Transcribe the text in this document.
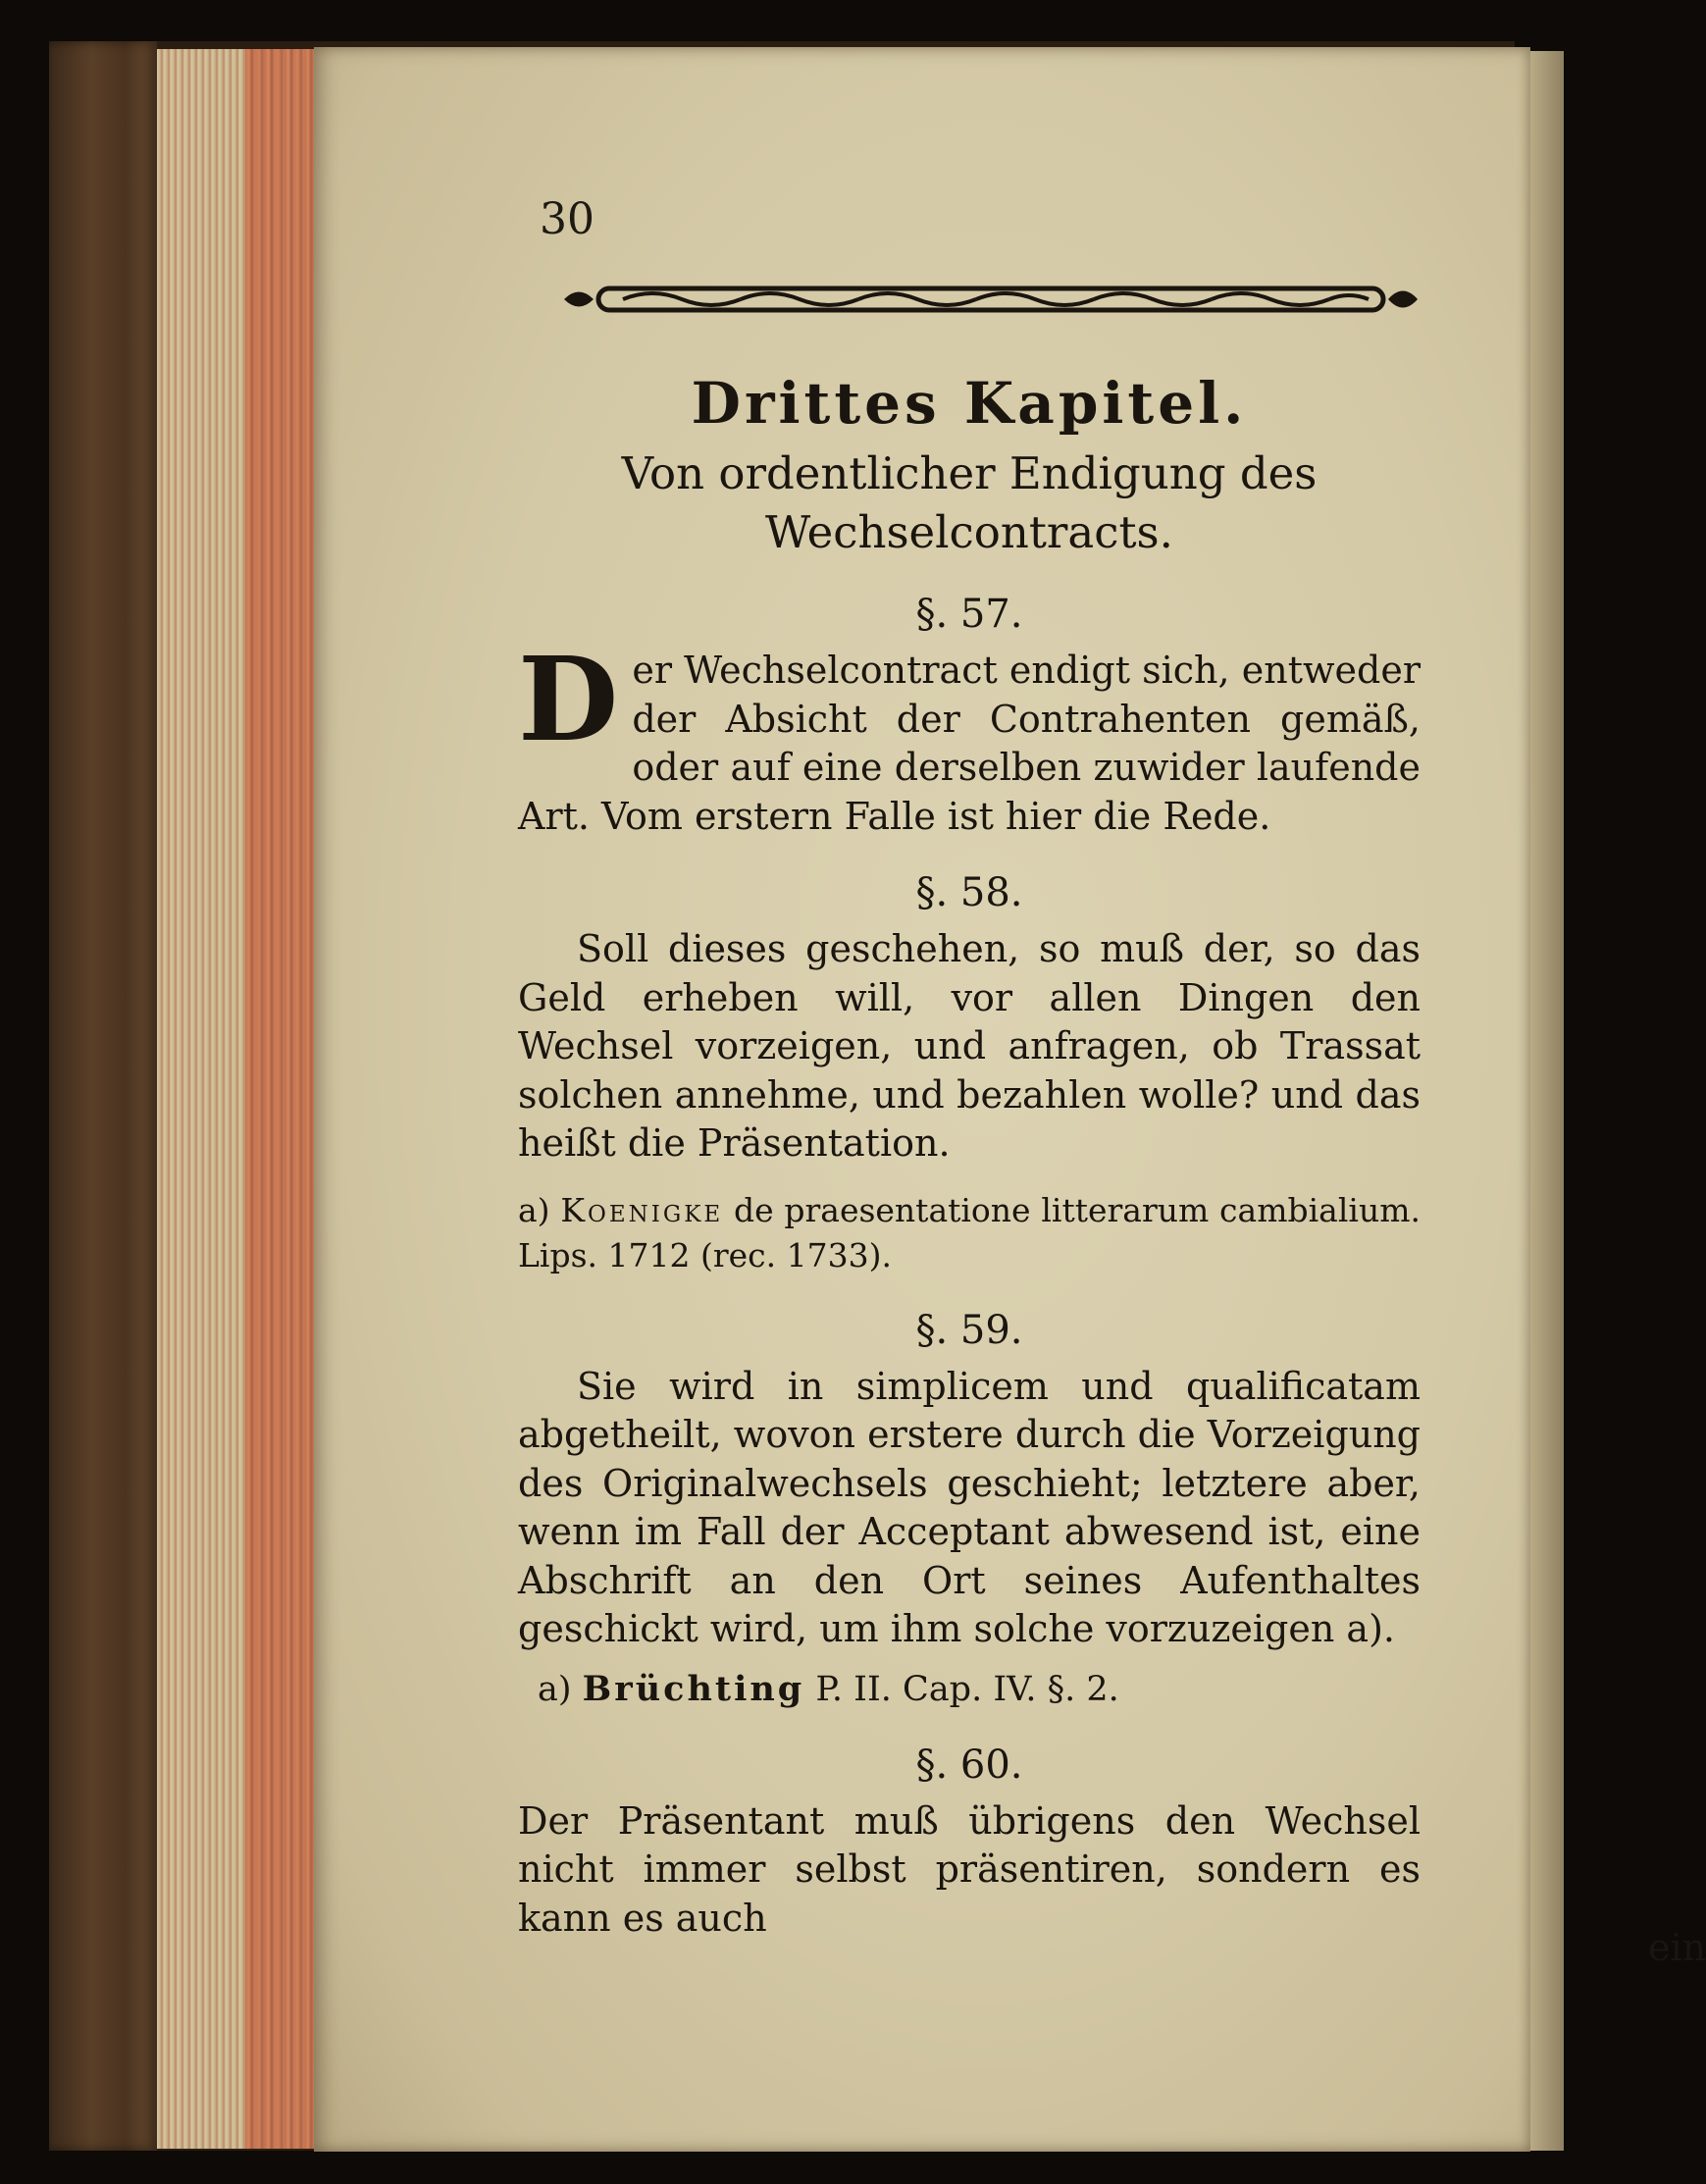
30
Drittes Kapitel.

Von ordentlicher Endigung des Wechselcontracts.

§. 57.

Der Wechselcontract endigt sich, entweder der Absicht der Contrahenten gemäß, oder auf eine derselben zuwider laufende Art. Vom erstern Falle ist hier die Rede.

§. 58.

Soll dieses geschehen, so muß der, so das Geld erheben will, vor allen Dingen den Wechsel vorzeigen, und anfragen, ob Trassat solchen annehme, und bezahlen wolle? und das heißt die Präsentation.

a) Koenigke de praesentatione litterarum cambialium. Lips. 1712 (rec. 1733).

§. 59.

Sie wird in simplicem und qualificatam abgetheilt, wovon erstere durch die Vorzeigung des Originalwechsels geschieht; letztere aber, wenn im Fall der Acceptant abwesend ist, eine Abschrift an den Ort seines Aufenthaltes geschickt wird, um ihm solche vorzuzeigen a).

a) Brüchting P. II. Cap. IV. §. 2.

§. 60.

Der Präsentant muß übrigens den Wechsel nicht immer selbst präsentiren, sondern es kann es auch

ein
